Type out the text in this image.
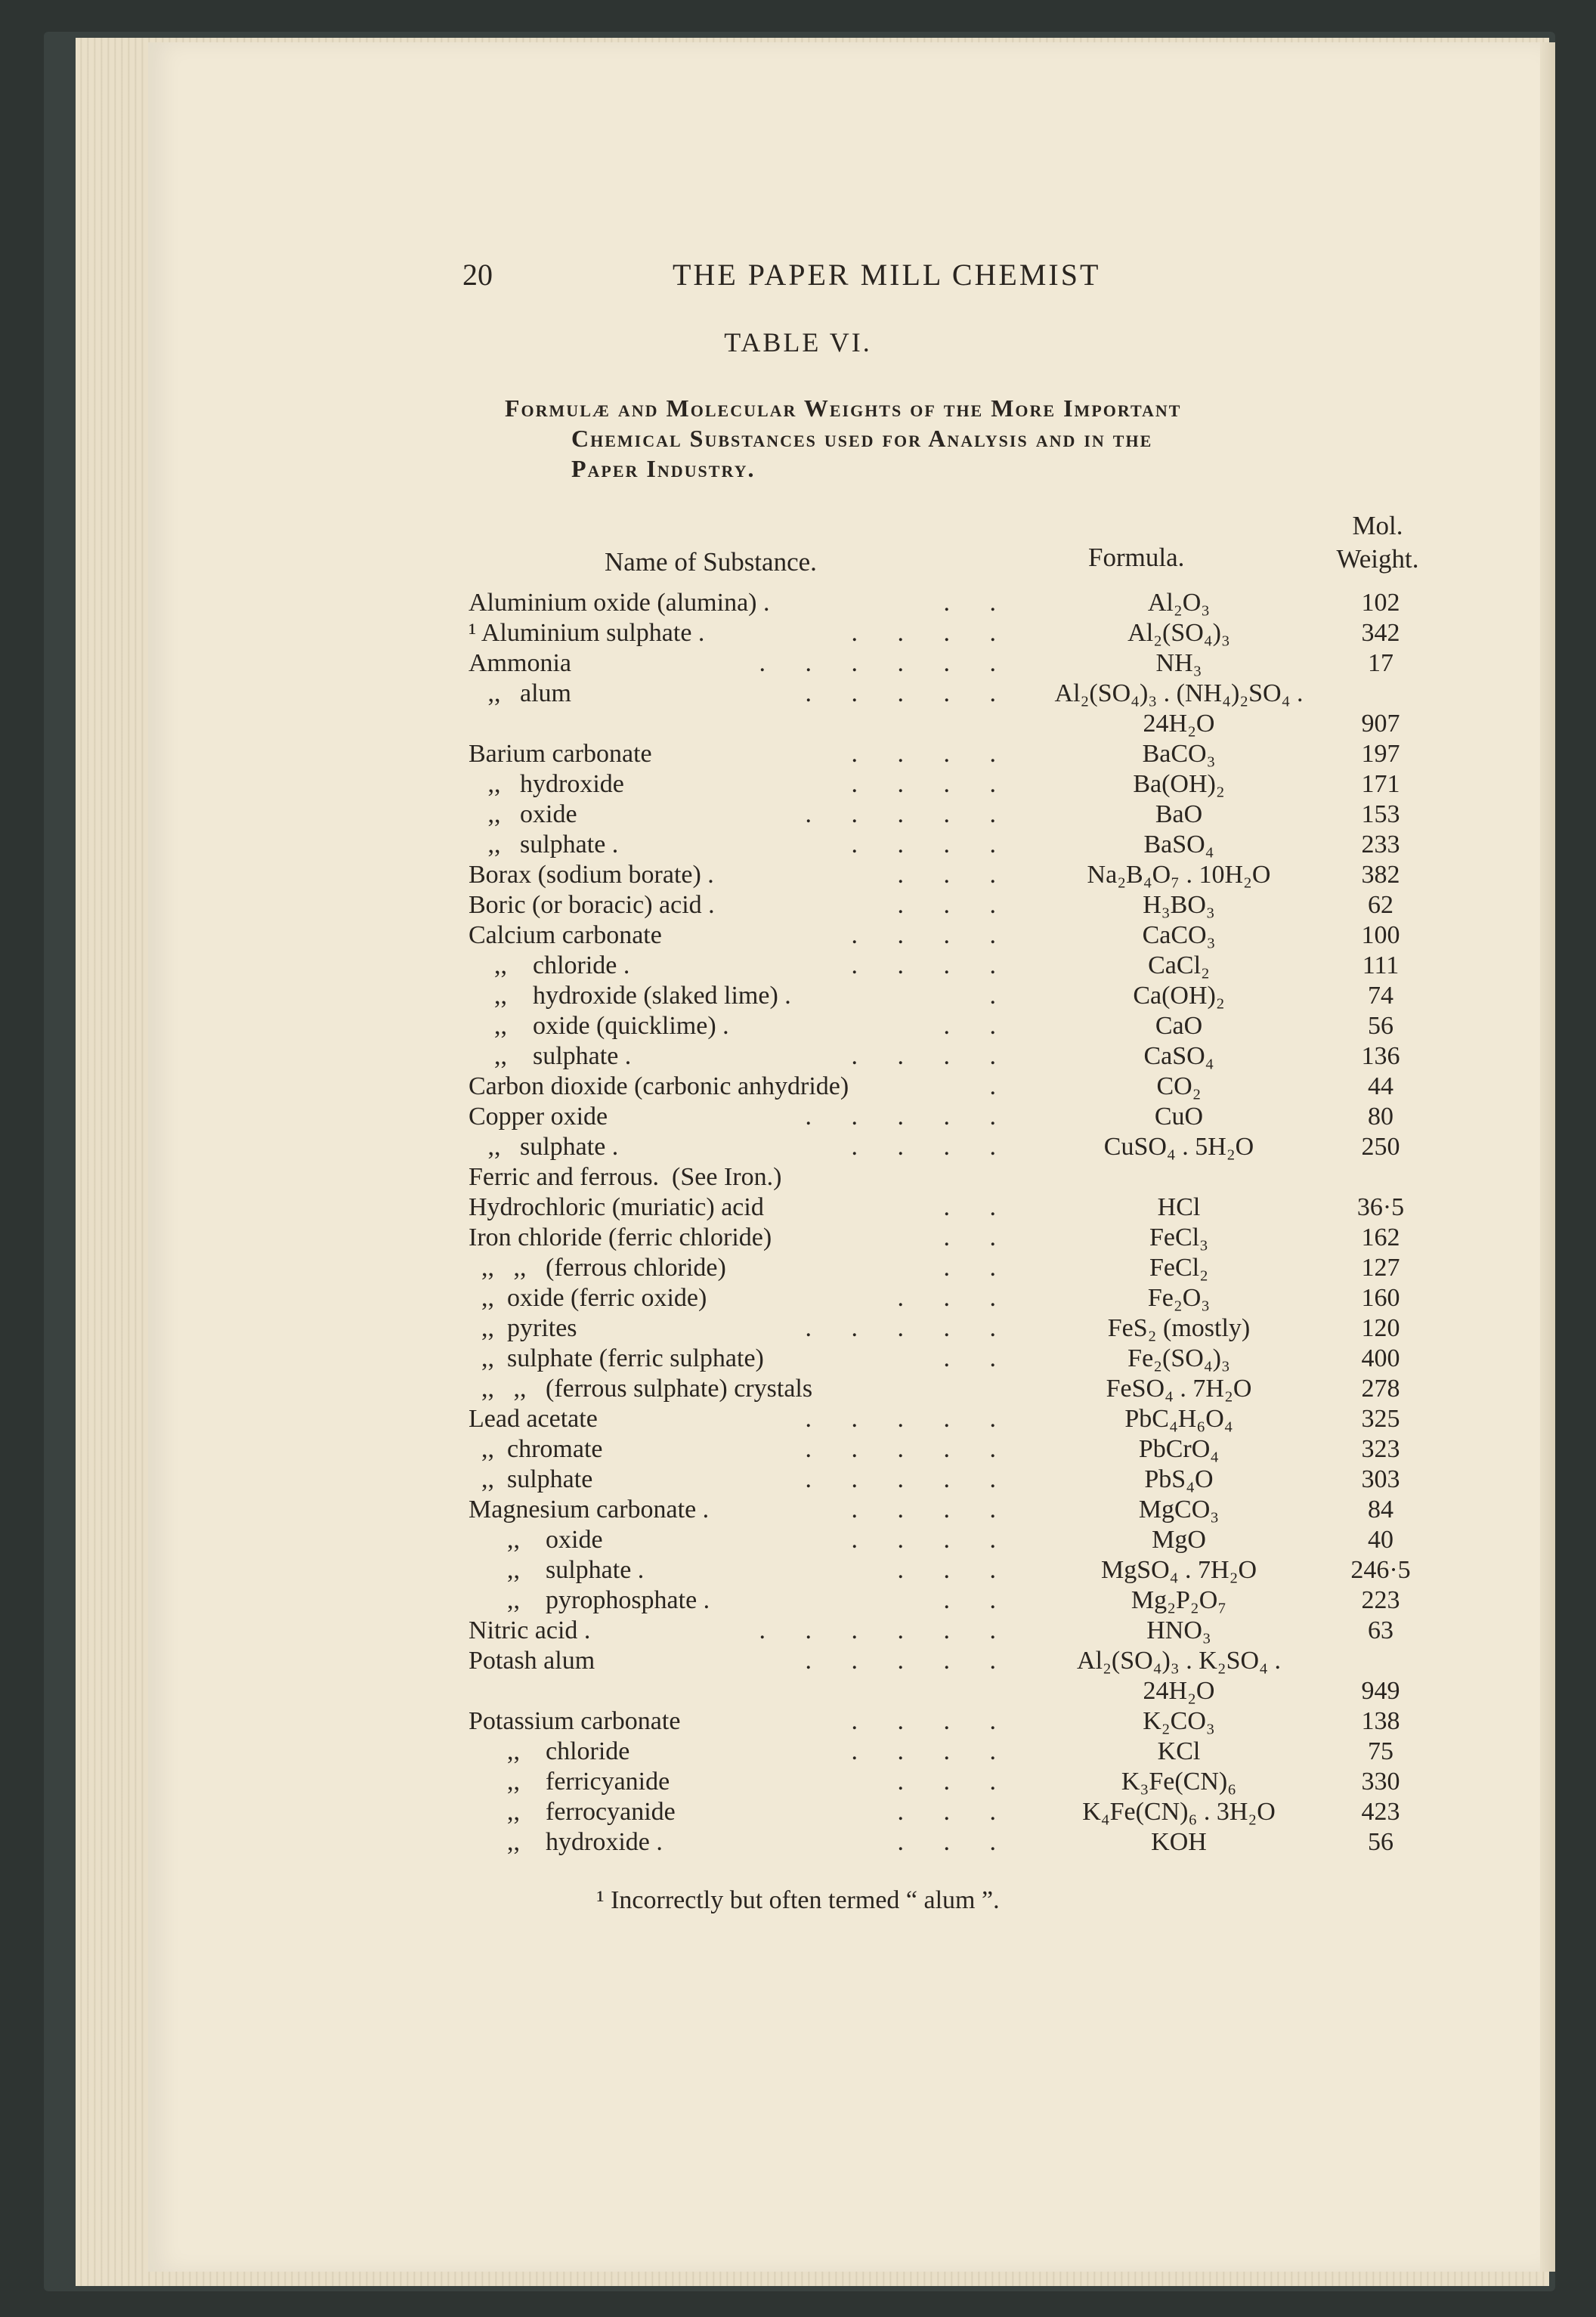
20	THE PAPER MILL CHEMIST
TABLE VI.
Formulæ and Molecular Weights of the More Important
Chemical Substances used for Analysis and in the
Paper Industry.
Name of Substance.	Formula.
Mol.
Weight.
Aluminium oxide (alumina) .	. .	Al₂O₃	102
¹ Aluminium sulphate .	. . . .	Al₂(SO₄)₃	342
Ammonia	. . . . . .	NH₃	17
,,   alum	. . . . .	Al₂(SO₄)₃ . (NH₄)₂SO₄ .
24H₂O	907
Barium carbonate	. . . .	BaCO₃	197
,,   hydroxide	. . . .	Ba(OH)₂	171
,,   oxide	. . . . .	BaO	153
,,   sulphate .	. . . .	BaSO₄	233
Borax (sodium borate) .	. . .	Na₂B₄O₇ . 10H₂O	382
Boric (or boracic) acid .	. . .	H₃BO₃	62
Calcium carbonate	. . . .	CaCO₃	100
,,    chloride .	. . . .	CaCl₂	111
,,    hydroxide (slaked lime) .	.	Ca(OH)₂	74
,,    oxide (quicklime) .	. .	CaO	56
,,    sulphate .	. . . .	CaSO₄	136
Carbon dioxide (carbonic anhydride)	.	CO₂	44
Copper oxide	. . . . .	CuO	80
,,   sulphate .	. . . .	CuSO₄ . 5H₂O	250
Ferric and ferrous.  (See Iron.)
Hydrochloric (muriatic) acid	. .	HCl	36·5
Iron chloride (ferric chloride)	. .	FeCl₃	162
,,   ,,   (ferrous chloride)	. .	FeCl₂	127
,,  oxide (ferric oxide)	. . .	Fe₂O₃	160
,,  pyrites	. . . . .	FeS₂ (mostly)	120
,,  sulphate (ferric sulphate)	. .	Fe₂(SO₄)₃	400
,,   ,,   (ferrous sulphate) crystals	FeSO₄ . 7H₂O	278
Lead acetate	. . . . .	PbC₄H₆O₄	325
,,  chromate	. . . . .	PbCrO₄	323
,,  sulphate	. . . . .	PbS₄O	303
Magnesium carbonate .	. . . .	MgCO₃	84
,,    oxide	. . . .	MgO	40
,,    sulphate .	. . .	MgSO₄ . 7H₂O	246·5
,,    pyrophosphate .	. .	Mg₂P₂O₇	223
Nitric acid .	. . . . . .	HNO₃	63
Potash alum	. . . . .	Al₂(SO₄)₃ . K₂SO₄ .
24H₂O	949
Potassium carbonate	. . . .	K₂CO₃	138
,,    chloride	. . . .	KCl	75
,,    ferricyanide	. . .	K₃Fe(CN)₆	330
,,    ferrocyanide	. . .	K₄Fe(CN)₆ . 3H₂O	423
,,    hydroxide .	. . .	KOH	56
¹ Incorrectly but often termed “ alum ”.
